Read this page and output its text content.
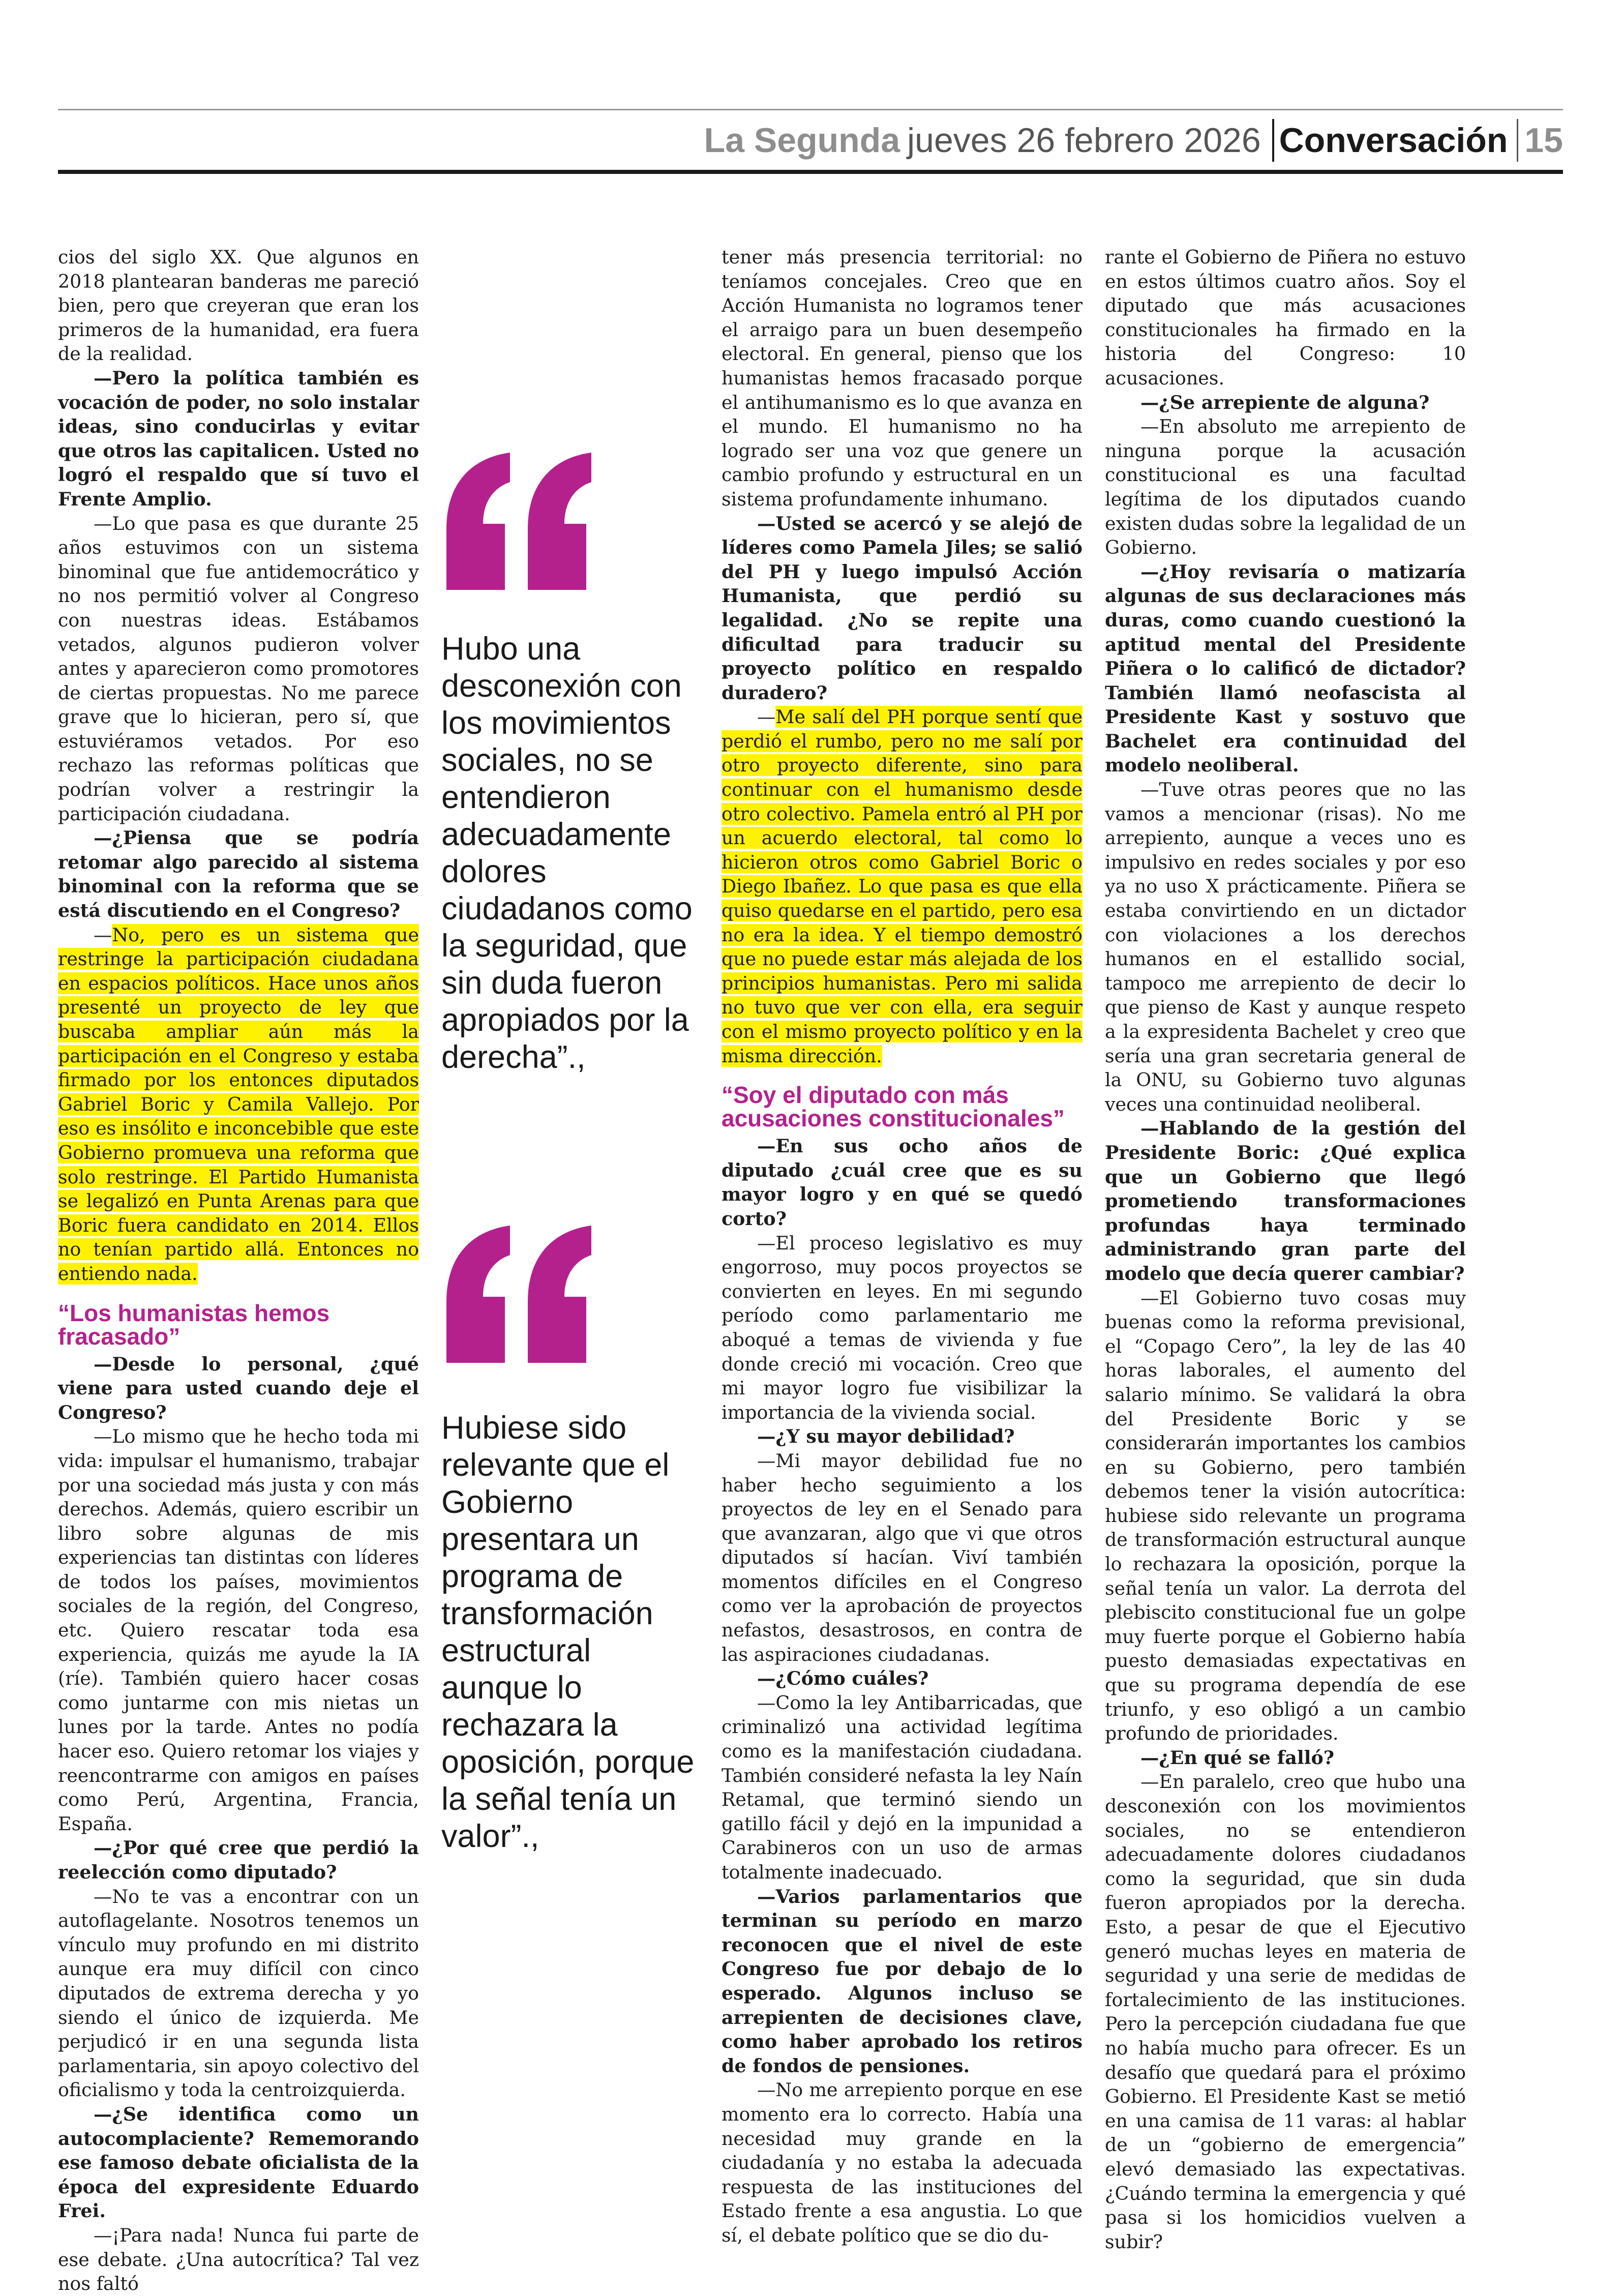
La Segunda jueves 26 febrero 2026 Conversación 15

cios del siglo XX. Que algunos en 2018 plantearan banderas me pareció bien, pero que creyeran que eran los primeros de la humanidad, era fuera de la realidad.

—Pero la política también es vocación de poder, no solo instalar ideas, sino conducirlas y evitar que otros las capitalicen. Usted no logró el respaldo que sí tuvo el Frente Amplio.

—Lo que pasa es que durante 25 años estuvimos con un sistema binominal que fue antidemocrático y no nos permitió volver al Congreso con nuestras ideas. Estábamos vetados, algunos pudieron volver antes y aparecieron como promotores de ciertas propuestas. No me parece grave que lo hicieran, pero sí, que estuviéramos vetados. Por eso rechazo las reformas políticas que podrían volver a restringir la participación ciudadana.

—¿Piensa que se podría retomar algo parecido al sistema binominal con la reforma que se está discutiendo en el Congreso?

—No, pero es un sistema que restringe la participación ciudadana en espacios políticos. Hace unos años presenté un proyecto de ley que buscaba ampliar aún más la participación en el Congreso y estaba firmado por los entonces diputados Gabriel Boric y Camila Vallejo. Por eso es insólito e inconcebible que este Gobierno promueva una reforma que solo restringe. El Partido Humanista se legalizó en Punta Arenas para que Boric fuera candidato en 2014. Ellos no tenían partido allá. Entonces no entiendo nada.

“Los humanistas hemos fracasado”

—Desde lo personal, ¿qué viene para usted cuando deje el Congreso?

—Lo mismo que he hecho toda mi vida: impulsar el humanismo, trabajar por una sociedad más justa y con más derechos. Además, quiero escribir un libro sobre algunas de mis experiencias tan distintas con líderes de todos los países, movimientos sociales de la región, del Congreso, etc. Quiero rescatar toda esa experiencia, quizás me ayude la IA (ríe). También quiero hacer cosas como juntarme con mis nietas un lunes por la tarde. Antes no podía hacer eso. Quiero retomar los viajes y reencontrarme con amigos en países como Perú, Argentina, Francia, España.

—¿Por qué cree que perdió la reelección como diputado?

—No te vas a encontrar con un autoflagelante. Nosotros tenemos un vínculo muy profundo en mi distrito aunque era muy difícil con cinco diputados de extrema derecha y yo siendo el único de izquierda. Me perjudicó ir en una segunda lista parlamentaria, sin apoyo colectivo del oficialismo y toda la centroizquierda.

—¿Se identifica como un autocomplaciente? Rememorando ese famoso debate oficialista de la época del expresidente Eduardo Frei.

—¡Para nada! Nunca fui parte de ese debate. ¿Una autocrítica? Tal vez nos faltó

Hubo una desconexión con los movimientos sociales, no se entendieron adecuadamente dolores ciudadanos como la seguridad, que sin duda fueron apropiados por la derecha”.,
Hubiese sido relevante que el Gobierno presentara un programa de transformación estructural aunque lo rechazara la oposición, porque la señal tenía un valor”.,

tener más presencia territorial: no teníamos concejales. Creo que en Acción Humanista no logramos tener el arraigo para un buen desempeño electoral. En general, pienso que los humanistas hemos fracasado porque el antihumanismo es lo que avanza en el mundo. El humanismo no ha logrado ser una voz que genere un cambio profundo y estructural en un sistema profundamente inhumano.

—Usted se acercó y se alejó de líderes como Pamela Jiles; se salió del PH y luego impulsó Acción Humanista, que perdió su legalidad. ¿No se repite una dificultad para traducir su proyecto político en respaldo duradero?

—Me salí del PH porque sentí que perdió el rumbo, pero no me salí por otro proyecto diferente, sino para continuar con el humanismo desde otro colectivo. Pamela entró al PH por un acuerdo electoral, tal como lo hicieron otros como Gabriel Boric o Diego Ibañez. Lo que pasa es que ella quiso quedarse en el partido, pero esa no era la idea. Y el tiempo demostró que no puede estar más alejada de los principios humanistas. Pero mi salida no tuvo que ver con ella, era seguir con el mismo proyecto político y en la misma dirección.

“Soy el diputado con más acusaciones constitucionales”

—En sus ocho años de diputado ¿cuál cree que es su mayor logro y en qué se quedó corto?

—El proceso legislativo es muy engorroso, muy pocos proyectos se convierten en leyes. En mi segundo período como parlamentario me aboqué a temas de vivienda y fue donde creció mi vocación. Creo que mi mayor logro fue visibilizar la importancia de la vivienda social.

—¿Y su mayor debilidad?

—Mi mayor debilidad fue no haber hecho seguimiento a los proyectos de ley en el Senado para que avanzaran, algo que vi que otros diputados sí hacían. Viví también momentos difíciles en el Congreso como ver la aprobación de proyectos nefastos, desastrosos, en contra de las aspiraciones ciudadanas.

—¿Cómo cuáles?

—Como la ley Antibarricadas, que criminalizó una actividad legítima como es la manifestación ciudadana. También consideré nefasta la ley Naín Retamal, que terminó siendo un gatillo fácil y dejó en la impunidad a Carabineros con un uso de armas totalmente inadecuado.

—Varios parlamentarios que terminan su período en marzo reconocen que el nivel de este Congreso fue por debajo de lo esperado. Algunos incluso se arrepienten de decisiones clave, como haber aprobado los retiros de fondos de pensiones.

—No me arrepiento porque en ese momento era lo correcto. Había una necesidad muy grande en la ciudadanía y no estaba la adecuada respuesta de las instituciones del Estado frente a esa angustia. Lo que sí, el debate político que se dio du-

rante el Gobierno de Piñera no estuvo en estos últimos cuatro años. Soy el diputado que más acusaciones constitucionales ha firmado en la historia del Congreso: 10 acusaciones.

—¿Se arrepiente de alguna?

—En absoluto me arrepiento de ninguna porque la acusación constitucional es una facultad legítima de los diputados cuando existen dudas sobre la legalidad de un Gobierno.

—¿Hoy revisaría o matizaría algunas de sus declaraciones más duras, como cuando cuestionó la aptitud mental del Presidente Piñera o lo calificó de dictador? También llamó neofascista al Presidente Kast y sostuvo que Bachelet era continuidad del modelo neoliberal.

—Tuve otras peores que no las vamos a mencionar (risas). No me arrepiento, aunque a veces uno es impulsivo en redes sociales y por eso ya no uso X prácticamente. Piñera se estaba convirtiendo en un dictador con violaciones a los derechos humanos en el estallido social, tampoco me arrepiento de decir lo que pienso de Kast y aunque respeto a la expresidenta Bachelet y creo que sería una gran secretaria general de la ONU, su Gobierno tuvo algunas veces una continuidad neoliberal.

—Hablando de la gestión del Presidente Boric: ¿Qué explica que un Gobierno que llegó prometiendo transformaciones profundas haya terminado administrando gran parte del modelo que decía querer cambiar?

—El Gobierno tuvo cosas muy buenas como la reforma previsional, el “Copago Cero”, la ley de las 40 horas laborales, el aumento del salario mínimo. Se validará la obra del Presidente Boric y se considerarán importantes los cambios en su Gobierno, pero también debemos tener la visión autocrítica: hubiese sido relevante un programa de transformación estructural aunque lo rechazara la oposición, porque la señal tenía un valor. La derrota del plebiscito constitucional fue un golpe muy fuerte porque el Gobierno había puesto demasiadas expectativas en que su programa dependía de ese triunfo, y eso obligó a un cambio profundo de prioridades.

—¿En qué se falló?

—En paralelo, creo que hubo una desconexión con los movimientos sociales, no se entendieron adecuadamente dolores ciudadanos como la seguridad, que sin duda fueron apropiados por la derecha. Esto, a pesar de que el Ejecutivo generó muchas leyes en materia de seguridad y una serie de medidas de fortalecimiento de las instituciones. Pero la percepción ciudadana fue que no había mucho para ofrecer. Es un desafío que quedará para el próximo Gobierno. El Presidente Kast se metió en una camisa de 11 varas: al hablar de un “gobierno de emergencia” elevó demasiado las expectativas. ¿Cuándo termina la emergencia y qué pasa si los homicidios vuelven a subir?
